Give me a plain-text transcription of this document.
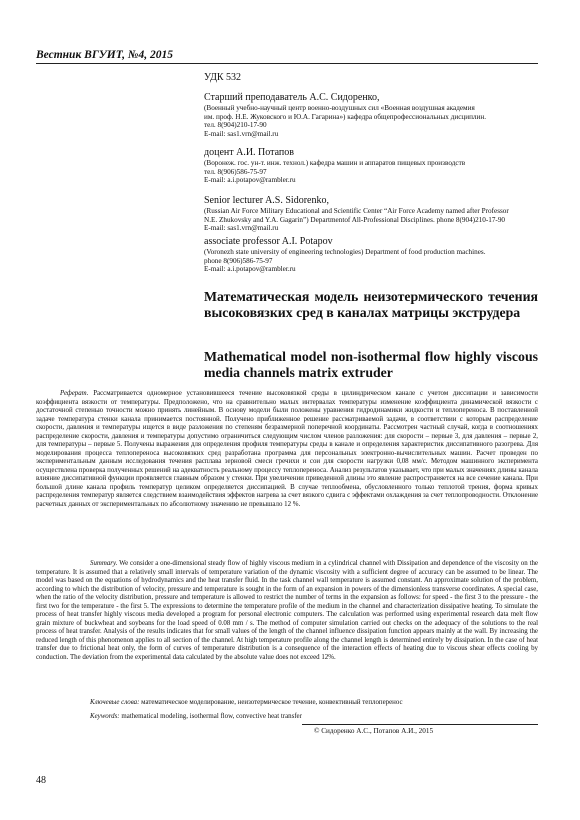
Вестник ВГУИТ, №4, 2015
УДК 532
Старший преподаватель А.С. Сидоренко,
(Военный учебно-научный центр военно-воздушных сил «Военная воздушная академия
им. проф. Н.Е. Жуковского и Ю.А. Гагарина») кафедра общепрофессиональных дисциплин.
тел. 8(904)210-17-90
E-mail: sas1.vrn@mail.ru
доцент А.И. Потапов
(Воронеж. гос. ун-т. инж. технол.) кафедра машин и аппаратов пищевых производств
тел. 8(906)586-75-97
E-mail: a.i.potapov@rambler.ru
Senior lecturer A.S. Sidorenko,
(Russian Air Force Military Educational and Scientific Center “Air Force Academy named after Professor
N.E. Zhukovsky and Y.A. Gagarin”) Departmentof All-Professional Disciplines. phone 8(904)210-17-90
E-mail: sas1.vrn@mail.ru
associate professor A.I. Potapov
(Voronezh state university of engineering technologies) Department of food production machines.
phone 8(906)586-75-97
E-mail: a.i.potapov@rambler.ru
Математическая модель неизотермического течения высоковязких сред в каналах матрицы экструдера
Mathematical model non-isothermal flow highly viscous media channels matrix extruder
Реферат. Рассматривается одномерное установившееся течение высоковязкой среды в цилиндрическом канале с учетом диссипации и зависимости коэффициента вязкости от температуры. Предположено, что на сравнительно малых интервалах температуры изменение коэффициента динамической вязкости с достаточной степенью точности можно принять линейным. В основу модели были положены уравнения гидродинамики жидкости и теплопереноса. В поставленной задаче температура стенки канала принимается постоянной. Получено приближенное решение рассматриваемой задачи, в соответствии с которым распределение скорости, давления и температуры ищется в виде разложения по степеням безразмерной поперечной координаты. Рассмотрен частный случай, когда в соотношениях распределение скорости, давления и температуры допустимо ограничиться следующим числом членов разложения: для скорости – первые 3, для давления – первые 2, для температуры – первые 5. Получены выражения для определения профиля температуры среды в канале и определения характеристик диссипативного разогрева. Для моделирования процесса теплопереноса высоковязких сред разработана программа для персональных электронно-вычислительных машин. Расчет проведен по экспериментальным данным исследования течения расплава зерновой смеси гречихи и сои для скорости нагрузки 0,08 мм/с. Методом машинного эксперимента осуществлена проверка полученных решений на адекватность реальному процессу теплопереноса. Анализ результатов указывает, что при малых значениях длины канала влияние диссипативной функции проявляется главным образом у стенки. При увеличении приведенной длины это явление распространяется на все сечение канала. При большой длине канала профиль температур целиком определяется диссипацией. В случае теплообмена, обусловленного только теплотой трения, форма кривых распределения температур является следствием взаимодействия эффектов нагрева за счет вязкого сдвига с эффектами охлаждения за счет теплопроводности. Отклонение расчетных данных от экспериментальных по абсолютному значению не превышало 12 %.
Summary. We consider a one-dimensional steady flow of highly viscous medium in a cylindrical channel with Dissipation and dependence of the viscosity on the temperature. It is assumed that a relatively small intervals of temperature variation of the dynamic viscosity with a sufficient degree of accuracy can be assumed to be linear. The model was based on the equations of hydrodynamics and the heat transfer fluid. In the task channel wall temperature is assumed constant. An approximate solution of the problem, according to which the distribution of velocity, pressure and temperature is sought in the form of an expansion in powers of the dimensionless transverse coordinates. A special case, when the ratio of the velocity distribution, pressure and temperature is allowed to restrict the number of terms in the expansion as follows: for speed - the first 3 to the pressure - the first two for the temperature - the first 5. The expressions to determine the temperature profile of the medium in the channel and characterization dissipative heating. To simulate the process of heat transfer highly viscous media developed a program for personal electronic computers. The calculation was performed using experimental research data melt flow grain mixture of buckwheat and soybeans for the load speed of 0.08 mm / s. The method of computer simulation carried out checks on the adequacy of the solutions to the real process of heat transfer. Analysis of the results indicates that for small values of the length of the channel influence dissipation function appears mainly at the wall. By increasing the reduced length of this phenomenon applies to all section of the channel. At high temperature profile along the channel length is determined entirely by dissipation. In the case of heat transfer due to frictional heat only, the form of curves of temperature distribution is a consequence of the interaction effects of heating due to viscous shear effects cooling by conduction. The deviation from the experimental data calculated by the absolute value does not exceed 12%.
Ключевые слова: математическое моделирование, неизотермическое течение, конвективный теплоперенос
Keywords: mathematical modeling, isothermal flow, convective heat transfer
© Сидоренко А.С., Потапов А.И., 2015
48
